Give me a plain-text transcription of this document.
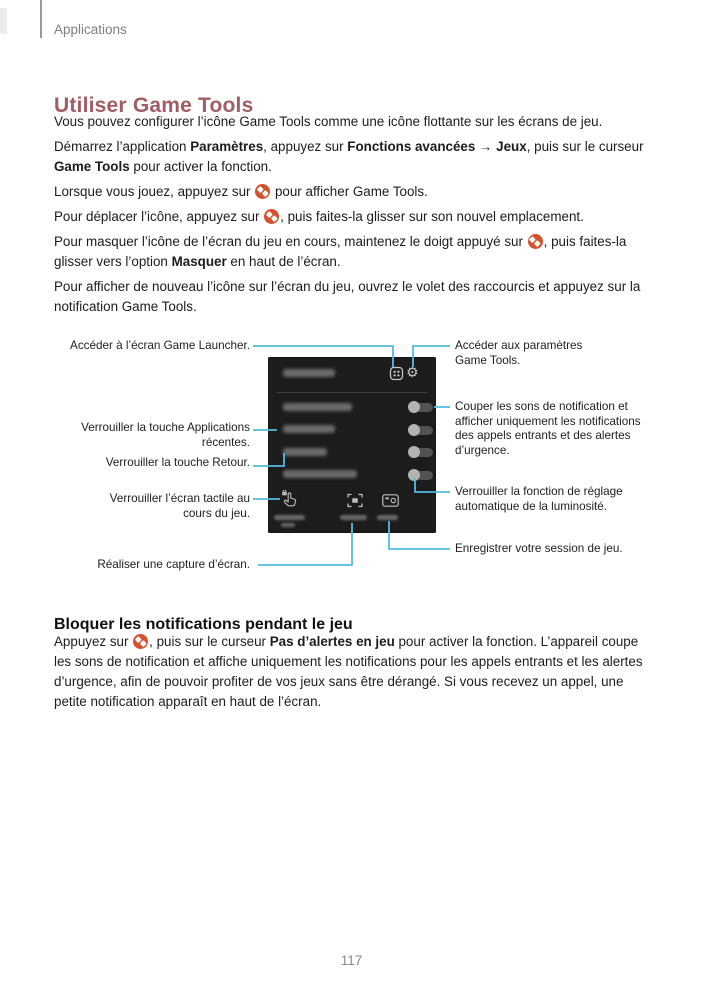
Applications
Utiliser Game Tools

Vous pouvez configurer l’icône Game Tools comme une icône flottante sur les écrans de jeu.

Démarrez l’application Paramètres, appuyez sur Fonctions avancées → Jeux, puis sur le curseur Game Tools pour activer la fonction.

Lorsque vous jouez, appuyez sur  pour afficher Game Tools.

Pour déplacer l’icône, appuyez sur , puis faites-la glisser sur son nouvel emplacement.

Pour masquer l’icône de l’écran du jeu en cours, maintenez le doigt appuyé sur , puis faites-la glisser vers l’option Masquer en haut de l’écran.

Pour afficher de nouveau l’icône sur l’écran du jeu, ouvrez le volet des raccourcis et appuyez sur la notification Game Tools.

⚙
Accéder à l’écran Game Launcher.	Accéder aux paramètres Game Tools.
Couper les sons de notification et afficher uniquement les notifications des appels entrants et des alertes d’urgence.
Verrouiller la touche Applications récentes.
Verrouiller la touche Retour.
Verrouiller l’écran tactile au cours du jeu.
Verrouiller la fonction de réglage automatique de la luminosité.
Enregistrer votre session de jeu.
Réaliser une capture d’écran.
Bloquer les notifications pendant le jeu

Appuyez sur , puis sur le curseur Pas d’alertes en jeu pour activer la fonction. L’appareil coupe les sons de notification et affiche uniquement les notifications pour les appels entrants et les alertes d’urgence, afin de pouvoir profiter de vos jeux sans être dérangé. Si vous recevez un appel, une petite notification apparaît en haut de l’écran.

117
